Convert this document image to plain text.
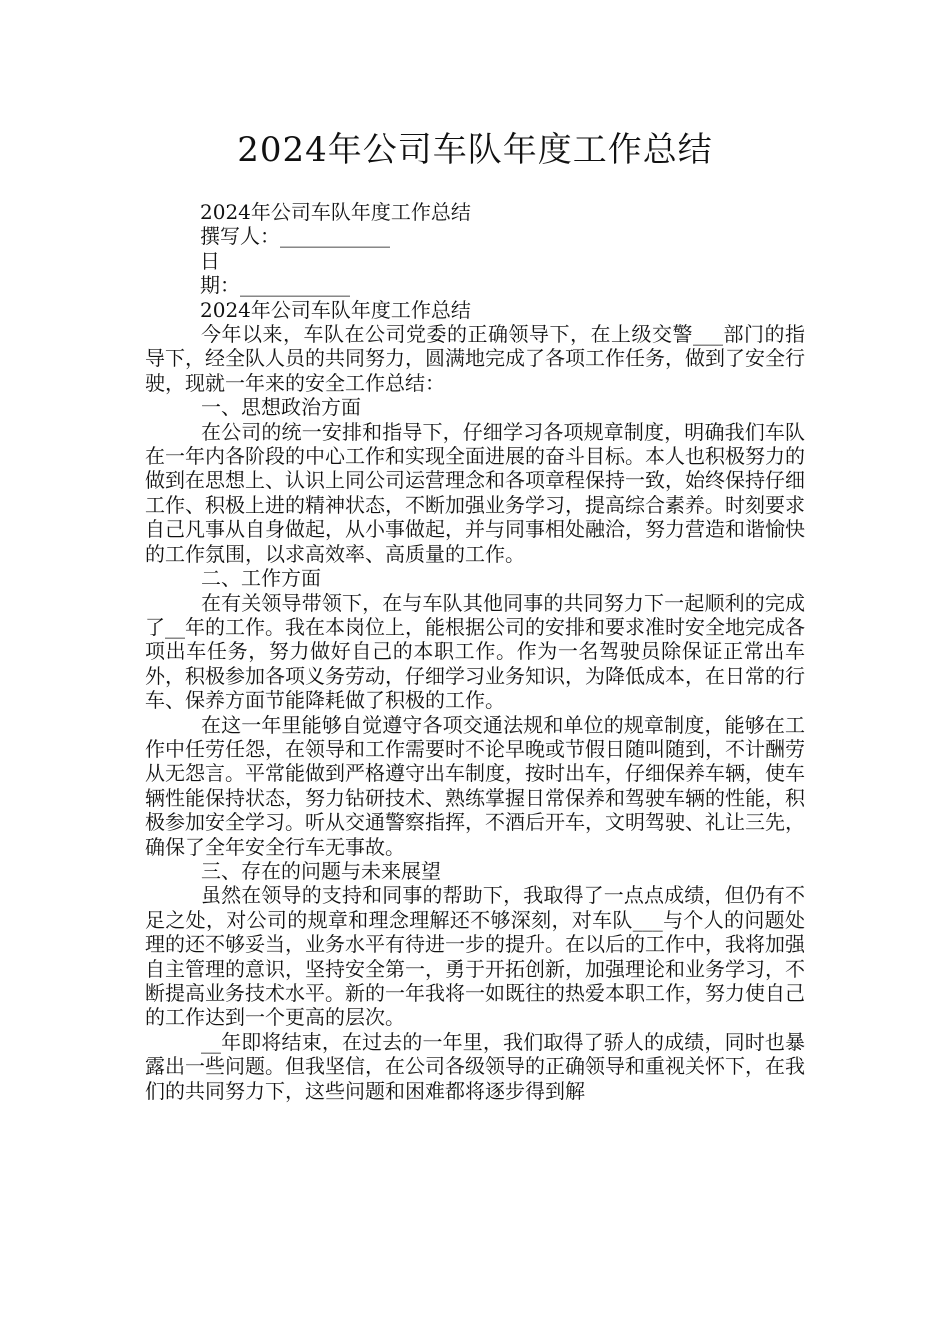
2024年公司车队年度工作总结

2024年公司车队年度工作总结

撰写人：___________

日

期：___________

2024年公司车队年度工作总结

今年以来，车队在公司党委的正确领导下，在上级交警___部门的指导下，经全队人员的共同努力，圆满地完成了各项工作任务，做到了安全行驶，现就一年来的安全工作总结：

一、思想政治方面

在公司的统一安排和指导下，仔细学习各项规章制度，明确我们车队在一年内各阶段的中心工作和实现全面进展的奋斗目标。本人也积极努力的做到在思想上、认识上同公司运营理念和各项章程保持一致，始终保持仔细工作、积极上进的精神状态，不断加强业务学习，提高综合素养。时刻要求自己凡事从自身做起，从小事做起，并与同事相处融洽，努力营造和谐愉快的工作氛围，以求高效率、高质量的工作。

二、工作方面

在有关领导带领下，在与车队其他同事的共同努力下一起顺利的完成了__年的工作。我在本岗位上，能根据公司的安排和要求准时安全地完成各项出车任务，努力做好自己的本职工作。作为一名驾驶员除保证正常出车外，积极参加各项义务劳动，仔细学习业务知识，为降低成本，在日常的行车、保养方面节能降耗做了积极的工作。

在这一年里能够自觉遵守各项交通法规和单位的规章制度，能够在工作中任劳任怨，在领导和工作需要时不论早晚或节假日随叫随到，不计酬劳从无怨言。平常能做到严格遵守出车制度，按时出车，仔细保养车辆，使车辆性能保持状态，努力钻研技术、熟练掌握日常保养和驾驶车辆的性能，积极参加安全学习。听从交通警察指挥，不酒后开车，文明驾驶、礼让三先，确保了全年安全行车无事故。

三、存在的问题与未来展望

虽然在领导的支持和同事的帮助下，我取得了一点点成绩，但仍有不足之处，对公司的规章和理念理解还不够深刻，对车队___与个人的问题处理的还不够妥当，业务水平有待进一步的提升。在以后的工作中，我将加强自主管理的意识，坚持安全第一，勇于开拓创新，加强理论和业务学习，不断提高业务技术水平。新的一年我将一如既往的热爱本职工作，努力使自己的工作达到一个更高的层次。

__年即将结束，在过去的一年里，我们取得了骄人的成绩，同时也暴露出一些问题。但我坚信，在公司各级领导的正确领导和重视关怀下，在我们的共同努力下，这些问题和困难都将逐步得到解
